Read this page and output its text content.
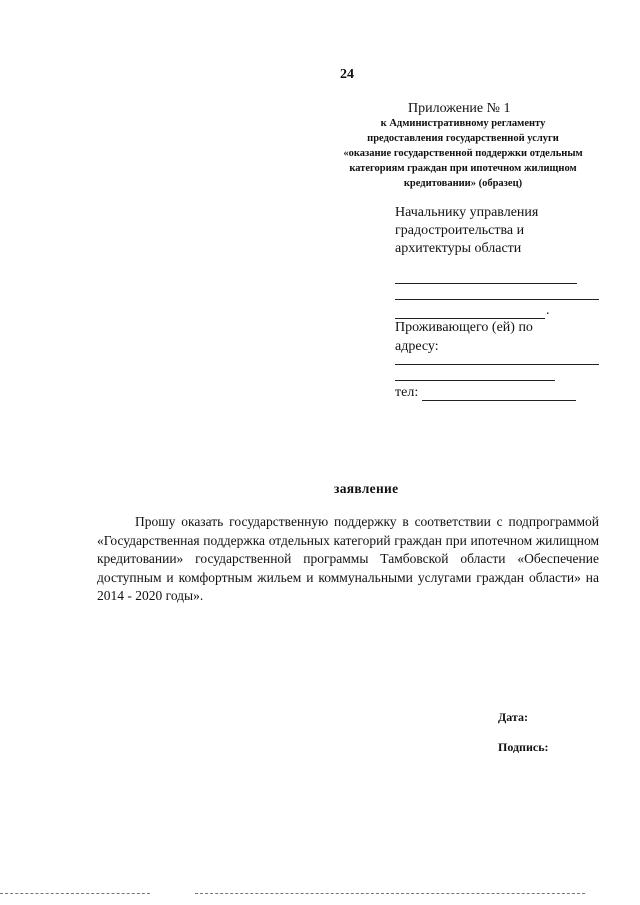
24
Приложение № 1
к Административному регламенту
предоставления государственной услуги
«оказание государственной поддержки отдельным
категориям граждан при ипотечном жилищном
кредитовании» (образец)
Начальнику управления
градостроительства и
архитектуры области
.
Проживающего (ей) по
адресу:
тел:
заявление
Прошу оказать государственную поддержку в соответствии с подпрограммой «Государственная поддержка отдельных категорий граждан при ипотечном жилищном кредитовании» государственной программы Тамбовской области «Обеспечение доступным и комфортным жильем и коммунальными услугами граждан области» на 2014 - 2020 годы».
Дата:
Подпись:
